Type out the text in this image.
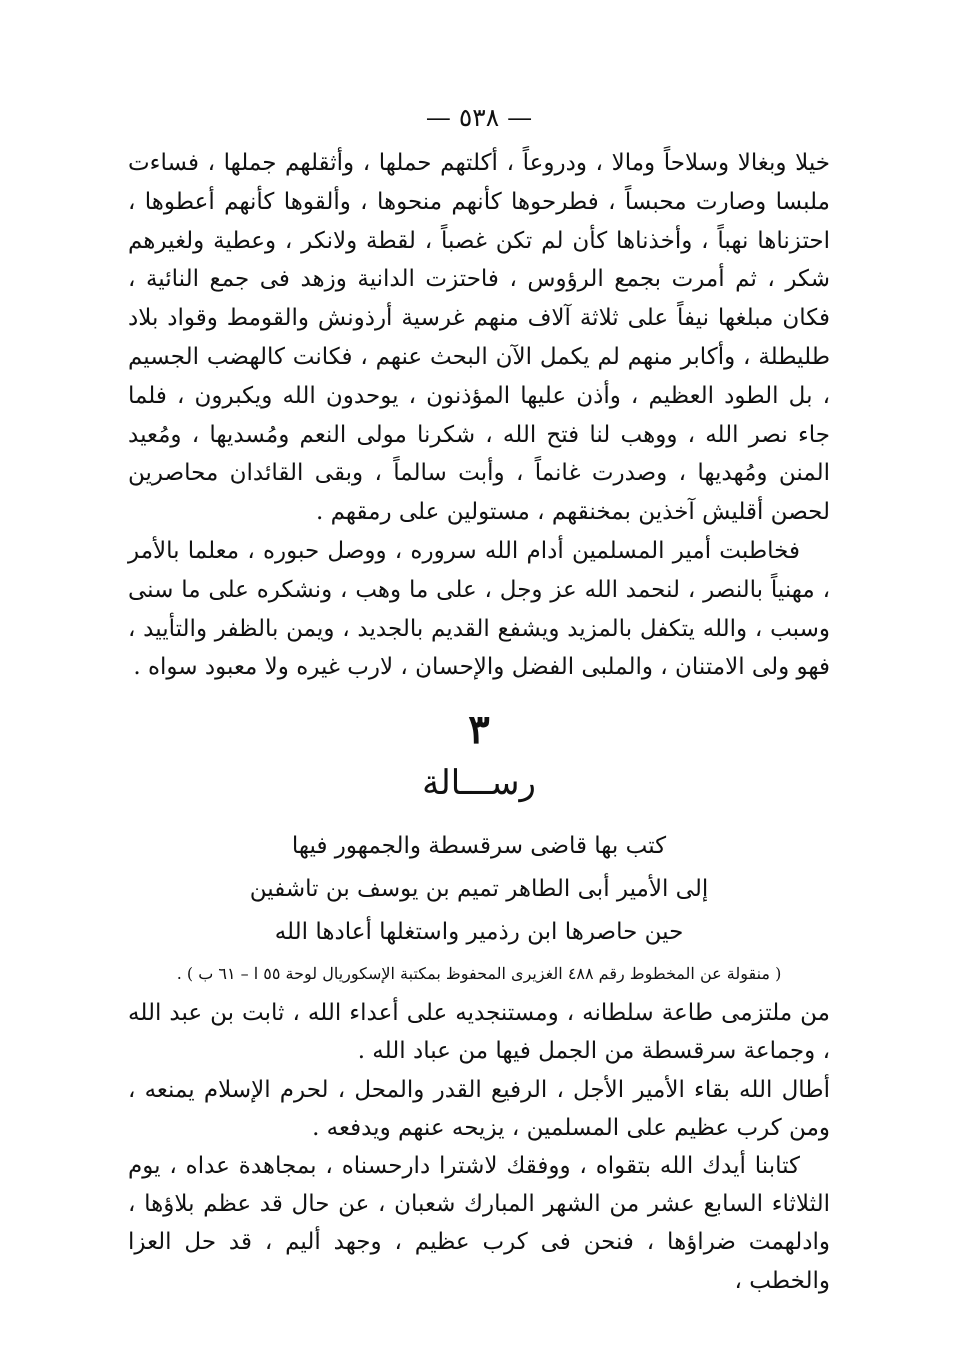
— ٥٣٨ —

خيلا وبغالا وسلاحاً ومالا ، ودروعاً ، أكلتهم حملها ، وأثقلهم جملها ، فساءت ملبسا وصارت محبساً ، فطرحوها كأنهم منحوها ، وألقوها كأنهم أعطوها ، احتزناها نهباً ، وأخذناها كأن لم تكن غصباً ، لقطة ولانكر ، وعطية ولغيرهم شكر ، ثم أمرت بجمع الرؤوس ، فاحتزت الدانية وزهد فى جمع النائية ، فكان مبلغها نيفاً على ثلاثة آلاف منهم غرسية أرذونش والقومط وقواد بلاد طليطلة ، وأكابر منهم لم يكمل الآن البحث عنهم ، فكانت كالهضب الجسيم ، بل الطود العظيم ، وأذن عليها المؤذنون ، يوحدون الله ويكبرون ، فلما جاء نصر الله ، ووهب لنا فتح الله ، شكرنا مولى النعم ومُسديها ، ومُعيد المنن ومُهديها ، وصدرت غانماً ، وأبت سالماً ، وبقى القائدان محاصرين لحصن أقليش آخذين بمخنقهم ، مستولين على رمقهم .

فخاطبت أمير المسلمين أدام الله سروره ، ووصل حبوره ، معلما بالأمر ، مهنياً بالنصر ، لنحمد الله عز وجل ، على ما وهب ، ونشكره على ما سنى وسبب ، والله يتكفل بالمزيد ويشفع القديم بالجديد ، ويمن بالظفر والتأييد ، فهو ولى الامتنان ، والملبى الفضل والإحسان ، لارب غيره ولا معبود سواه .

٣
رســـالة

كتب بها قاضى سرقسطة والجمهور فيها

إلى الأمير أبى الطاهر تميم بن يوسف بن تاشفين

حين حاصرها ابن رذمير واستغلها أعادها الله

( منقولة عن المخطوط رقم ٤٨٨ الغزيرى المحفوظ بمكتبة الإسكوريال لوحة ٥٥ ا – ٦١ ب ) .

من ملتزمى طاعة سلطانه ، ومستنجديه على أعداء الله ، ثابت بن عبد الله ، وجماعة سرقسطة من الجمل فيها من عباد الله .

أطال الله بقاء الأمير الأجل ، الرفيع القدر والمحل ، لحرم الإسلام يمنعه ، ومن كرب عظيم على المسلمين ، يزيحه عنهم ويدفعه .

كتابنا أيدك الله بتقواه ، ووفقك لاشترا دارحسناه ، بمجاهدة عداه ، يوم الثلاثاء السابع عشر من الشهر المبارك شعبان ، عن حال قد عظم بلاؤها ، وادلهمت ضراؤها ، فنحن فى كرب عظيم ، وجهد أليم ، قد حل العزا والخطب ،
